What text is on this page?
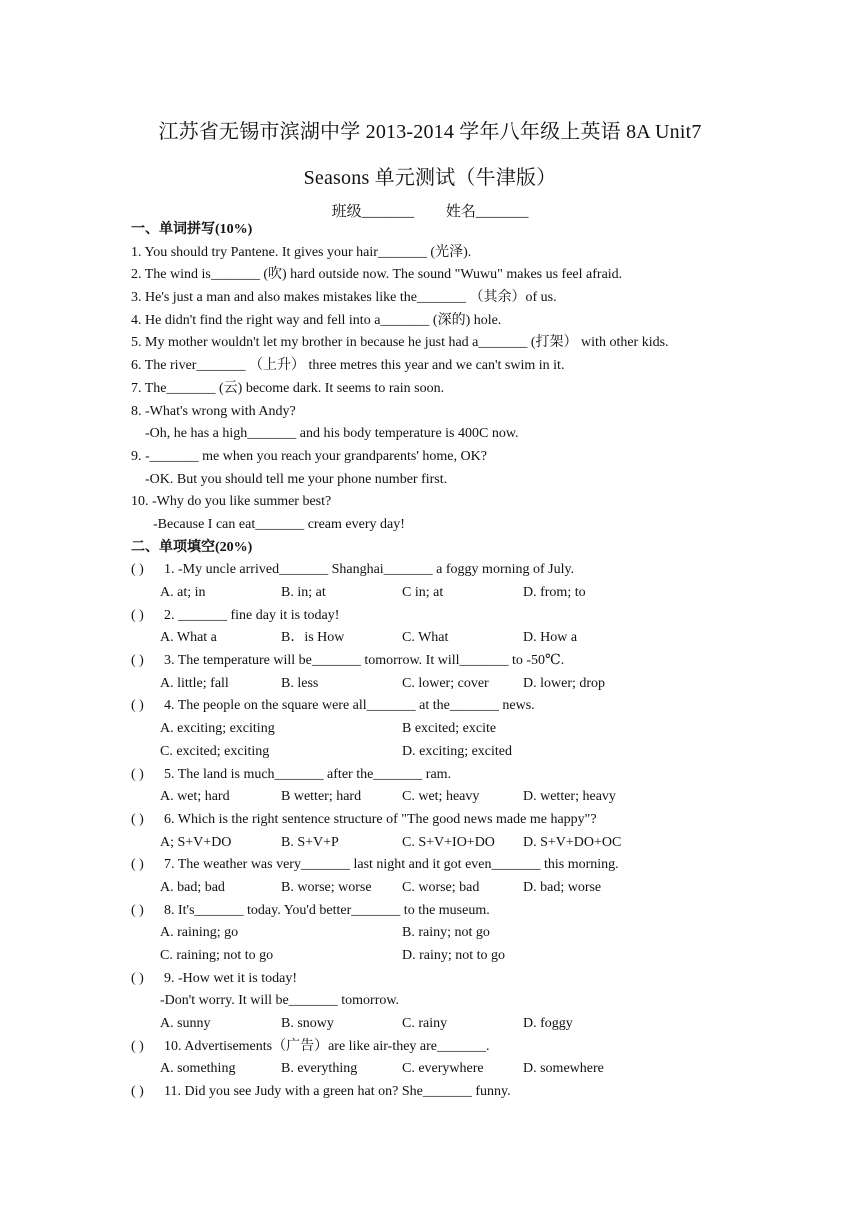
江苏省无锡市滨湖中学 2013-2014 学年八年级上英语 8A Unit7
Seasons 单元测试（牛津版）
班级_______ 姓名_______
一、单词拼写(10%)
1. You should try Pantene. It gives your hair_______ (光泽).
2. The wind is_______ (吹) hard outside now. The sound "Wuwu" makes us feel afraid.
3. He's just a man and also makes mistakes like the_______ （其余）of us.
4. He didn't find the right way and fell into a_______ (深的) hole.
5. My mother wouldn't let my brother in because he just had a_______ (打架） with other kids.
6. The river_______ （上升） three metres this year and we can't swim in it.
7. The_______ (云) become dark. It seems to rain soon.
8. -What's wrong with Andy?
-Oh, he has a high_______ and his body temperature is 400C now.
9. -_______ me when you reach your grandparents' home, OK?
-OK. But you should tell me your phone number first.
10. -Why do you like summer best?
-Because I can eat_______ cream every day!
二、单项填空(20%)
( ) 1. -My uncle arrived_______ Shanghai_______ a foggy morning of July.
A. at; in	B. in; at	C in; at	D. from; to
( ) 2. _______ fine day it is today!
A. What a	B．is How	C. What	D. How a
( ) 3. The temperature will be_______ tomorrow. It will_______ to -50℃.
A. little; fall	B. less	C. lower; cover D. lower; drop
( ) 4. The people on the square were all_______ at the_______ news.
A. exciting; exciting	B excited; excite
C. excited; exciting	D. exciting; excited
( ) 5. The land is much_______ after the_______ ram.
A. wet; hard	B wetter; hard	C. wet; heavy	D. wetter; heavy
( ) 6. Which is the right sentence structure of "The good news made me happy"?
A; S+V+DO	B. S+V+P	C. S+V+IO+DO D. S+V+DO+OC
( ) 7. The weather was very_______ last night and it got even_______ this morning.
A. bad; bad	B. worse; worse C. worse; bad	D. bad; worse
( ) 8. It's_______ today. You'd better_______ to the museum.
A. raining; go	B. rainy; not go
C. raining; not to go	D. rainy; not to go
( ) 9. -How wet it is today!
-Don't worry. It will be_______ tomorrow.
A. sunny	B. snowy	C. rainy	D. foggy
( ) 10. Advertisements（广告）are like air-they are_______.
A. something	B. everything	C. everywhere	D. somewhere
( ) 11. Did you see Judy with a green hat on? She_______ funny.
